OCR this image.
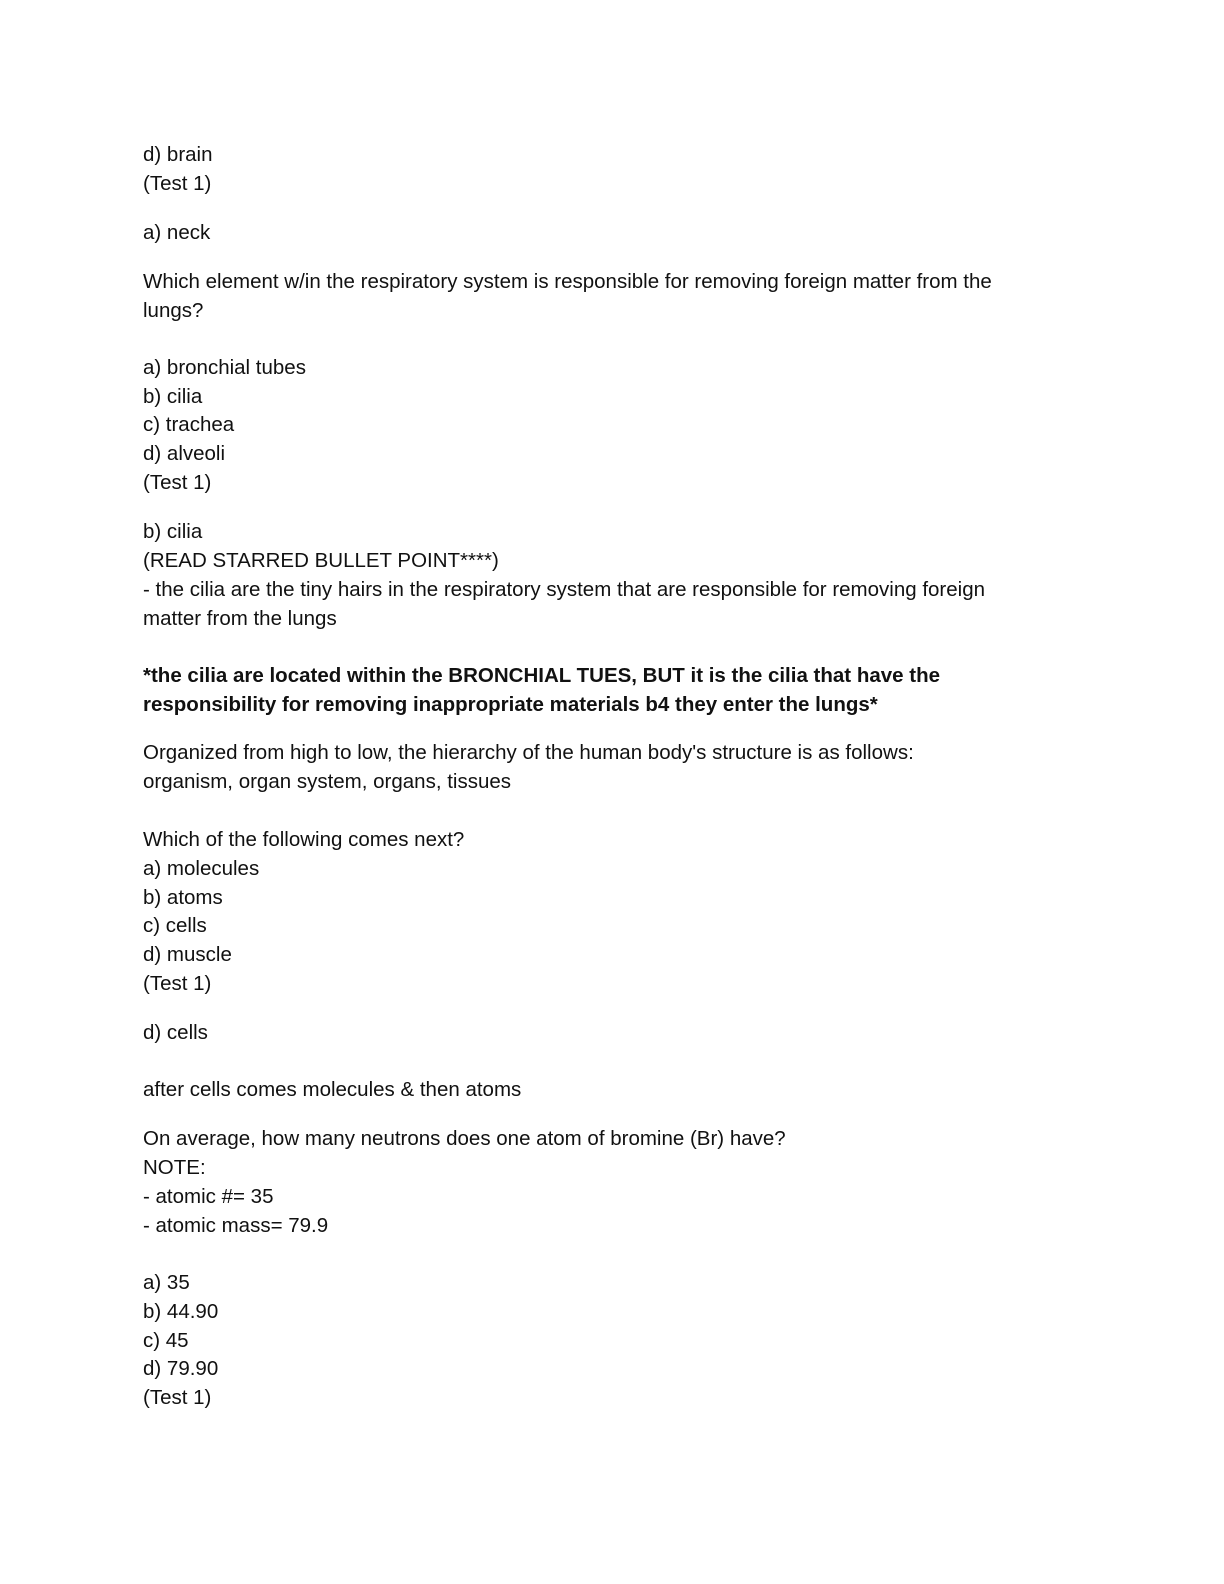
d) brain
(Test 1)
a) neck
Which element w/in the respiratory system is responsible for removing foreign matter from the
lungs?
a) bronchial tubes
b) cilia
c) trachea
d) alveoli
(Test 1)
b) cilia
(READ STARRED BULLET POINT****)
- the cilia are the tiny hairs in the respiratory system that are responsible for removing foreign
matter from the lungs
*the cilia are located within the BRONCHIAL TUES, BUT it is the cilia that have the
responsibility for removing inappropriate materials b4 they enter the lungs*
Organized from high to low, the hierarchy of the human body's structure is as follows:
organism, organ system, organs, tissues
Which of the following comes next?
a) molecules
b) atoms
c) cells
d) muscle
(Test 1)
d) cells
after cells comes molecules & then atoms
On average, how many neutrons does one atom of bromine (Br) have?
NOTE:
- atomic #= 35
- atomic mass= 79.9
a) 35
b) 44.90
c) 45
d) 79.90
(Test 1)
